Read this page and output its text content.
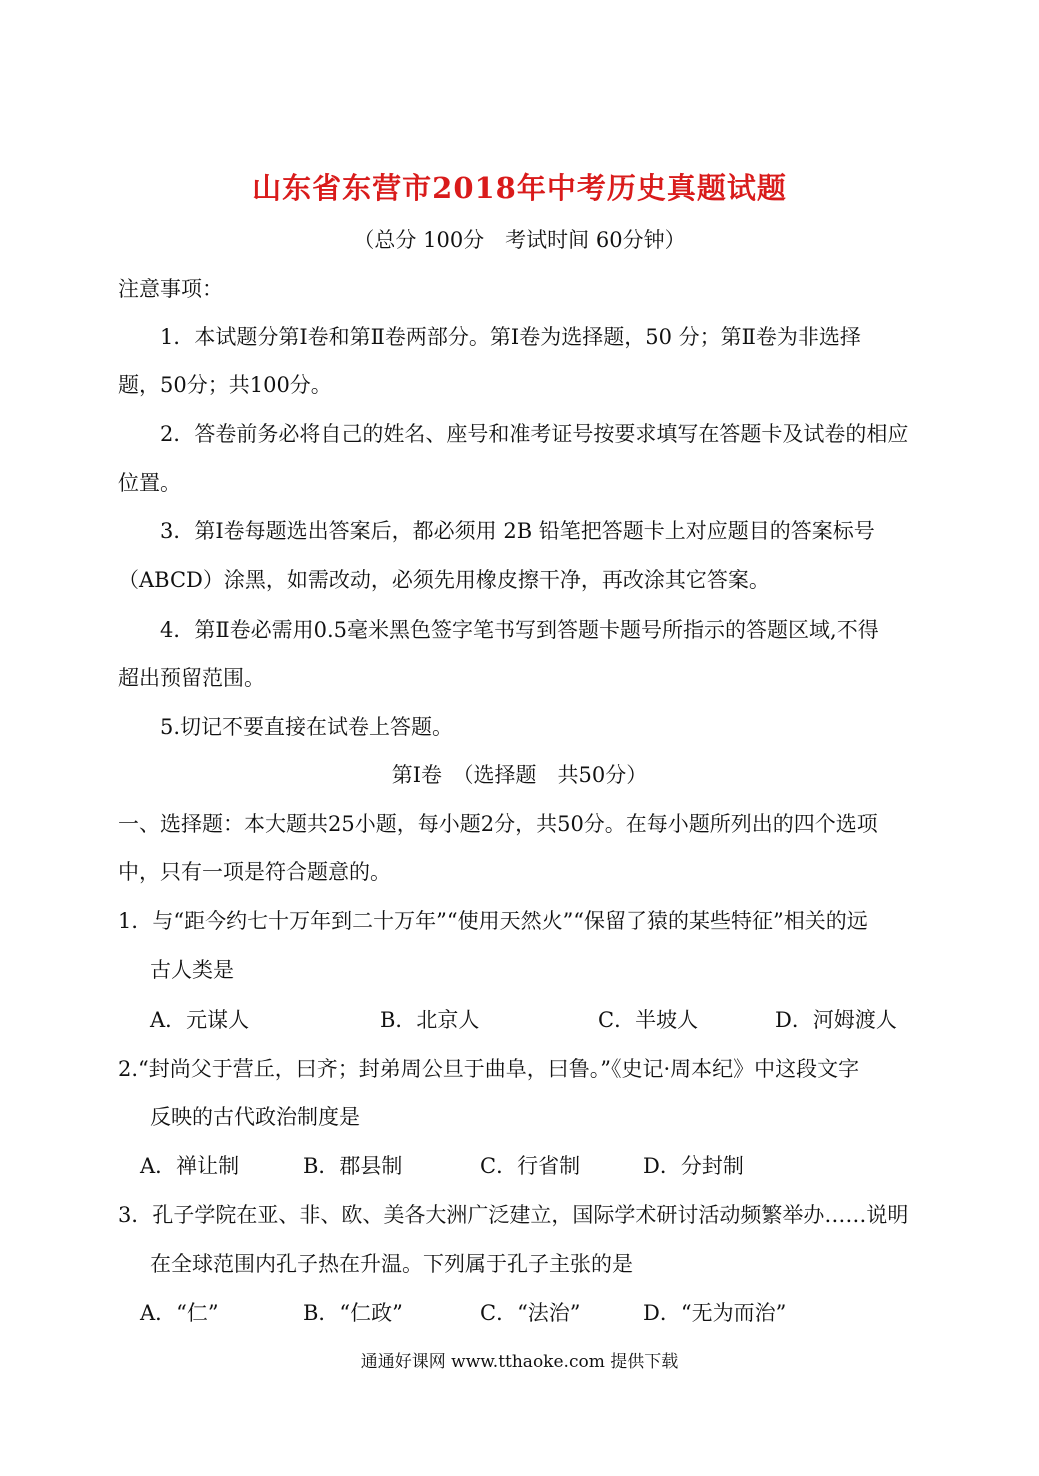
山东省东营市2018年中考历史真题试题
（总分 100分　考试时间 60分钟）
注意事项：
1．本试题分第Ⅰ卷和第Ⅱ卷两部分。第Ⅰ卷为选择题，50 分；第Ⅱ卷为非选择
题，50分；共100分。
2．答卷前务必将自己的姓名、座号和准考证号按要求填写在答题卡及试卷的相应
位置。
3．第Ⅰ卷每题选出答案后，都必须用 2B 铅笔把答题卡上对应题目的答案标号
（ABCD）涂黑，如需改动，必须先用橡皮擦干净，再改涂其它答案。
4．第Ⅱ卷必需用0.5毫米黑色签字笔书写到答题卡题号所指示的答题区域,不得
超出预留范围。
5.切记不要直接在试卷上答题。
第Ⅰ卷　（选择题　共50分）
一、选择题：本大题共25小题，每小题2分，共50分。在每小题所列出的四个选项
中，只有一项是符合题意的。
1．与“距今约七十万年到二十万年”“使用天然火”“保留了猿的某些特征”相关的远
古人类是
A．元谋人	B．北京人	C．半坡人	D．河姆渡人
2.“封尚父于营丘，曰齐；封弟周公旦于曲阜，曰鲁。”《史记·周本纪》中这段文字
反映的古代政治制度是
A．禅让制	B．郡县制	C．行省制	D．分封制
3．孔子学院在亚、非、欧、美各大洲广泛建立，国际学术研讨活动频繁举办……说明
在全球范围内孔子热在升温。下列属于孔子主张的是
A．“仁”	B．“仁政”	C．“法治”	D．“无为而治”
通通好课网 www.tthaoke.com 提供下载
